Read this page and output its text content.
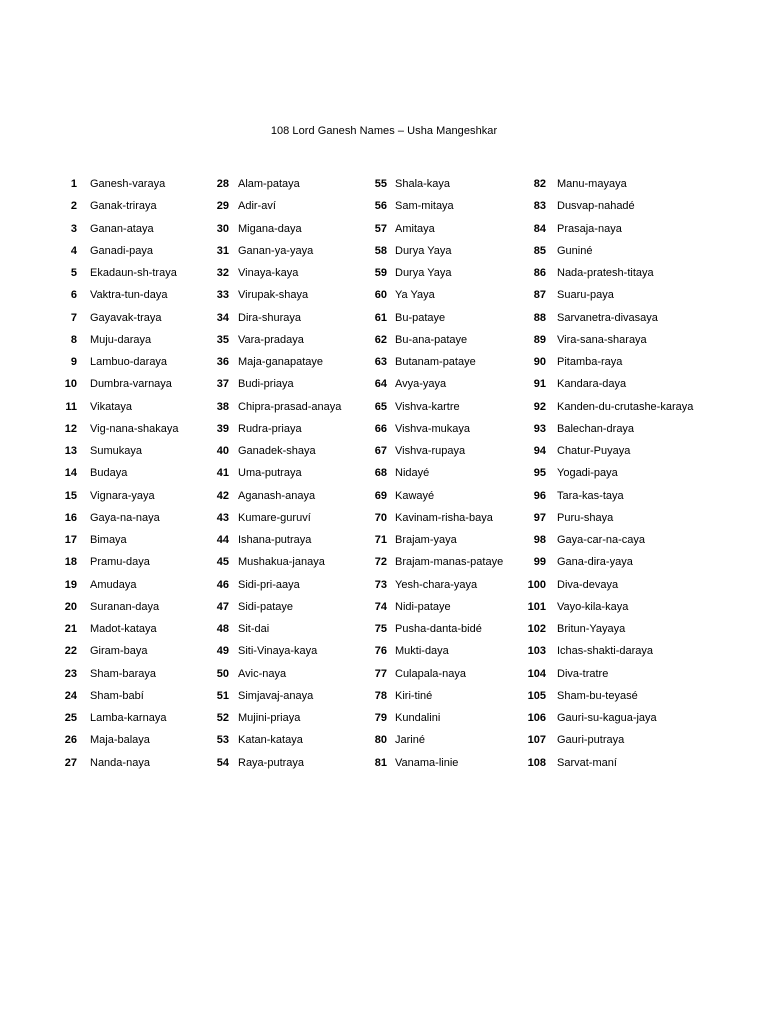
108 Lord Ganesh Names – Usha Mangeshkar
1 Ganesh-varaya
2 Ganak-triraya
3 Ganan-ataya
4 Ganadi-paya
5 Ekadaun-sh-traya
6 Vaktra-tun-daya
7 Gayavak-traya
8 Muju-daraya
9 Lambuo-daraya
10 Dumbra-varnaya
11 Vikataya
12 Vig-nana-shakaya
13 Sumukaya
14 Budaya
15 Vignara-yaya
16 Gaya-na-naya
17 Bimaya
18 Pramu-daya
19 Amudaya
20 Suranan-daya
21 Madot-kataya
22 Giram-baya
23 Sham-baraya
24 Sham-babí
25 Lamba-karnaya
26 Maja-balaya
27 Nanda-naya
28 Alam-pataya
29 Adir-aví
30 Migana-daya
31 Ganan-ya-yaya
32 Vinaya-kaya
33 Virupak-shaya
34 Dira-shuraya
35 Vara-pradaya
36 Maja-ganapataye
37 Budi-priaya
38 Chipra-prasad-anaya
39 Rudra-priaya
40 Ganadek-shaya
41 Uma-putraya
42 Aganash-anaya
43 Kumare-guruví
44 Ishana-putraya
45 Mushakua-janaya
46 Sidi-pri-aaya
47 Sidi-pataye
48 Sit-dai
49 Siti-Vinaya-kaya
50 Avic-naya
51 Simjavaj-anaya
52 Mujini-priaya
53 Katan-kataya
54 Raya-putraya
55 Shala-kaya
56 Sam-mitaya
57 Amitaya
58 Durya Yaya
59 Durya Yaya
60 Ya Yaya
61 Bu-pataye
62 Bu-ana-pataye
63 Butanam-pataye
64 Avya-yaya
65 Vishva-kartre
66 Vishva-mukaya
67 Vishva-rupaya
68 Nidayé
69 Kawayé
70 Kavinam-risha-baya
71 Brajam-yaya
72 Brajam-manas-pataye
73 Yesh-chara-yaya
74 Nidi-pataye
75 Pusha-danta-bidé
76 Mukti-daya
77 Culapala-naya
78 Kiri-tiné
79 Kundalini
80 Jariné
81 Vanama-linie
82 Manu-mayaya
83 Dusvap-nahadé
84 Prasaja-naya
85 Guniné
86 Nada-pratesh-titaya
87 Suaru-paya
88 Sarvanetra-divasaya
89 Vira-sana-sharaya
90 Pitamba-raya
91 Kandara-daya
92 Kanden-du-crutashe-karaya
93 Balechan-draya
94 Chatur-Puyaya
95 Yogadi-paya
96 Tara-kas-taya
97 Puru-shaya
98 Gaya-car-na-caya
99 Gana-dira-yaya
100 Diva-devaya
101 Vayo-kila-kaya
102 Britun-Yayaya
103 Ichas-shakti-daraya
104 Diva-tratre
105 Sham-bu-teyasé
106 Gauri-su-kagua-jaya
107 Gauri-putraya
108 Sarvat-maní
